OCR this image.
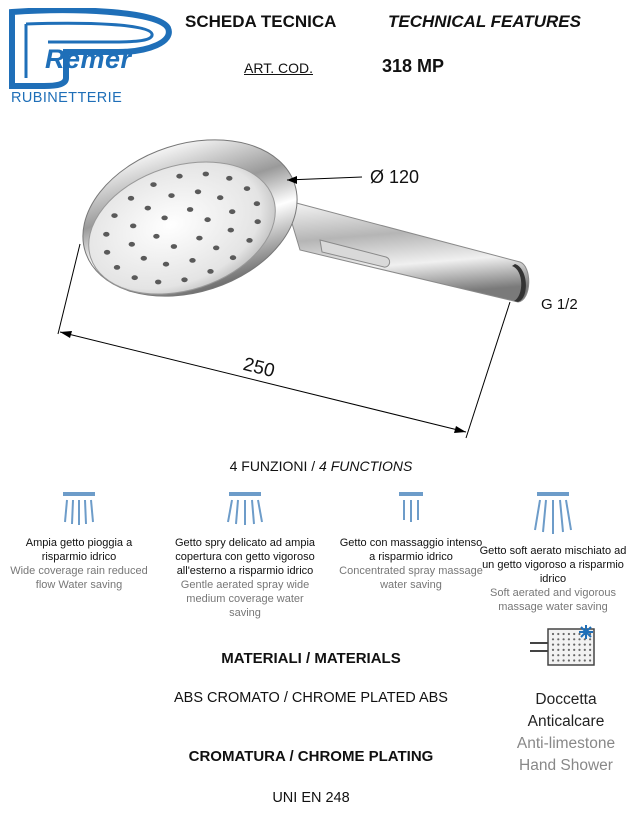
Remer
RUBINETTERIE
SCHEDA TECNICA	TECHNICAL FEATURES
ART. COD.	318 MP
Ø 120
G 1/2
250
4 FUNZIONI / 4 FUNCTIONS
Ampia getto pioggia a risparmio idrico
Wide coverage rain reduced flow Water saving
Getto spry delicato ad ampia copertura con getto vigoroso all'esterno a risparmio idrico
Gentle aerated spray wide medium coverage water saving
Getto con massaggio intenso a risparmio idrico
Concentrated spray massage water saving
Getto soft aerato mischiato ad un getto vigoroso a risparmio idrico
Soft aerated and vigorous massage water saving
MATERIALI / MATERIALS
ABS CROMATO / CHROME PLATED ABS
CROMATURA / CHROME PLATING
UNI EN 248
Doccetta
Anticalcare
Anti-limestone
Hand Shower
